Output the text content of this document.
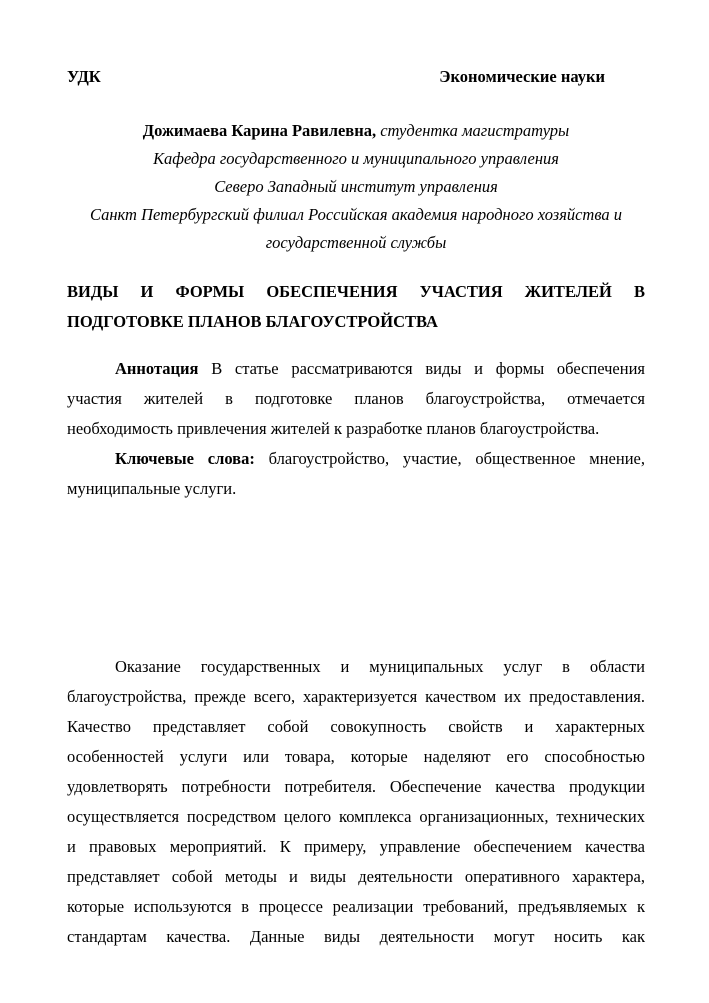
УДК	Экономические науки
Дожимаева Карина Равилевна, студентка магистратуры
Кафедра государственного и муниципального управления
Северо Западный институт управления
Санкт Петербургский филиал Российская академия народного хозяйства и
государственной службы
ВИДЫ И ФОРМЫ ОБЕСПЕЧЕНИЯ УЧАСТИЯ ЖИТЕЛЕЙ В
ПОДГОТОВКЕ ПЛАНОВ БЛАГОУСТРОЙСТВА
Аннотация В статье рассматриваются виды и формы обеспечения
участия жителей в подготовке планов благоустройства, отмечается
необходимость привлечения жителей к разработке планов благоустройства.
Ключевые слова: благоустройство, участие, общественное мнение,
муниципальные услуги.
Оказание государственных и муниципальных услуг в области
благоустройства, прежде всего, характеризуется качеством их предоставления.
Качество представляет собой совокупность свойств и характерных
особенностей услуги или товара, которые наделяют его способностью
удовлетворять потребности потребителя. Обеспечение качества продукции
осуществляется посредством целого комплекса организационных, технических
и правовых мероприятий. К примеру, управление обеспечением качества
представляет собой методы и виды деятельности оперативного характера,
которые используются в процессе реализации требований, предъявляемых к
стандартам качества. Данные виды деятельности могут носить как
